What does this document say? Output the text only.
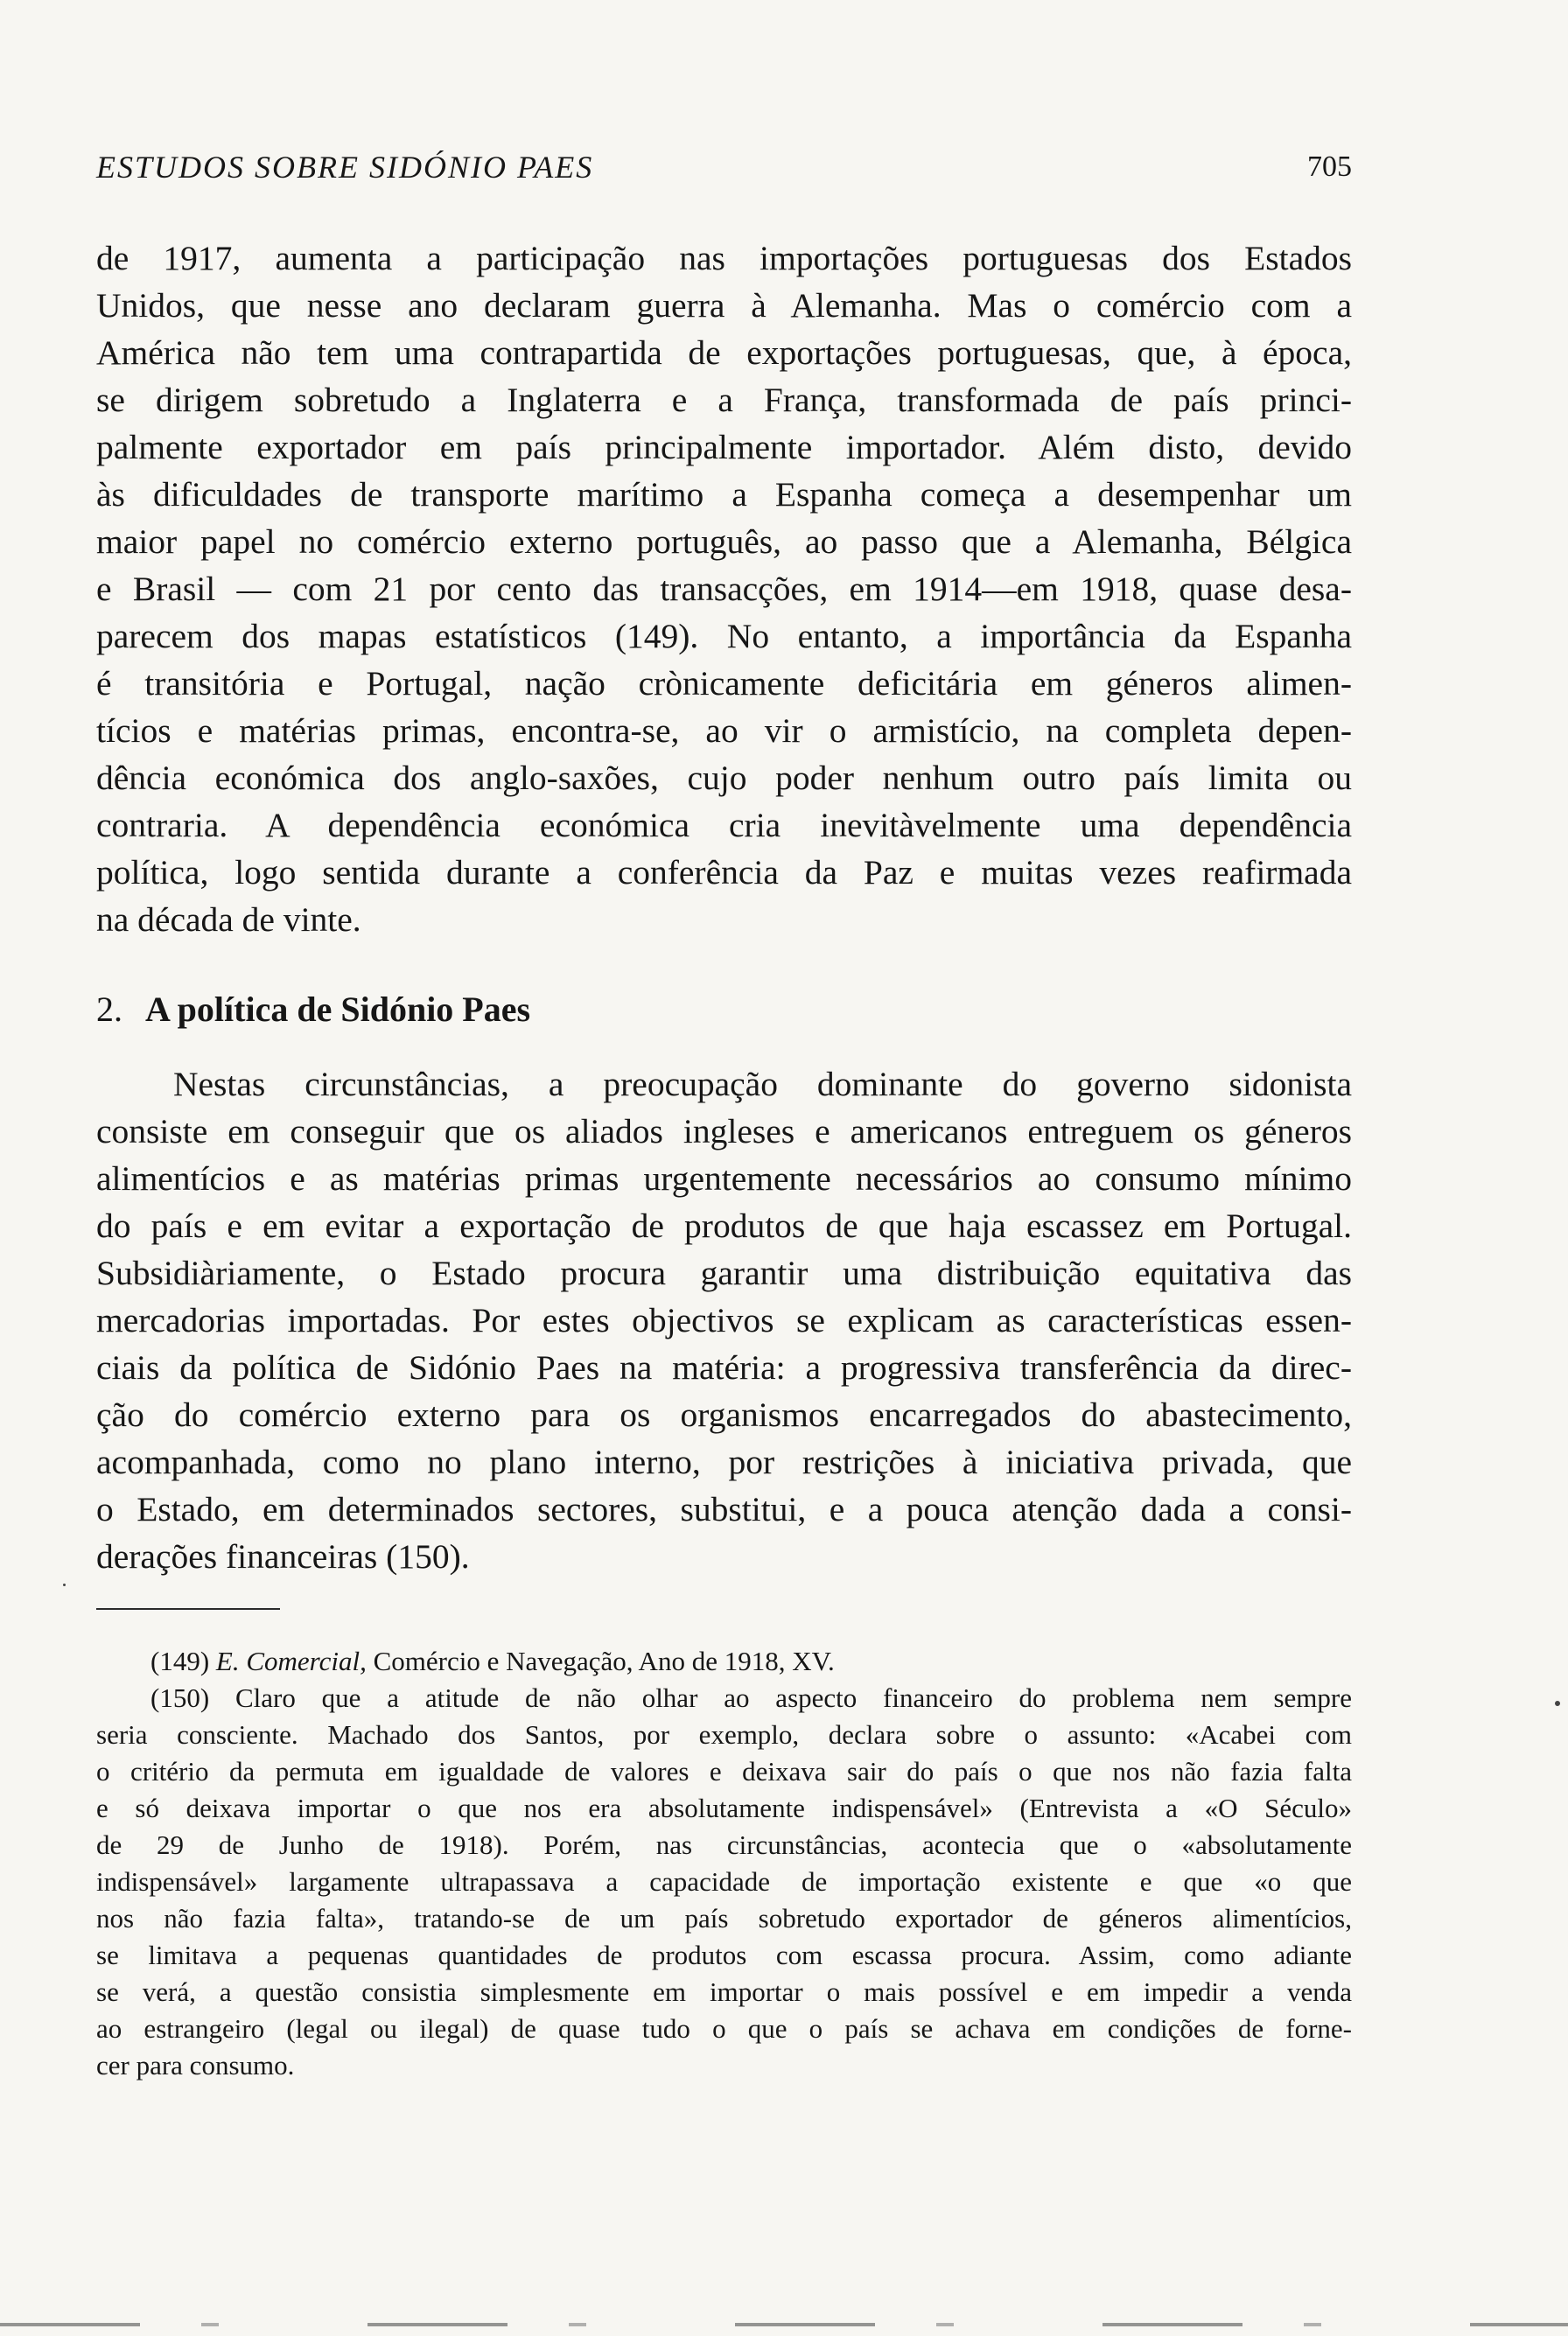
ESTUDOS SOBRE SIDÓNIO PAES	705
de 1917, aumenta a participação nas importações portuguesas dos Estados
Unidos, que nesse ano declaram guerra à Alemanha. Mas o comércio com a
América não tem uma contrapartida de exportações portuguesas, que, à época,
se dirigem sobretudo a Inglaterra e a França, transformada de país princi-
palmente exportador em país principalmente importador. Além disto, devido
às dificuldades de transporte marítimo a Espanha começa a desempenhar um
maior papel no comércio externo português, ao passo que a Alemanha, Bélgica
e Brasil — com 21 por cento das transacções, em 1914—em 1918, quase desa-
parecem dos mapas estatísticos (149). No entanto, a importância da Espanha
é transitória e Portugal, nação crònicamente deficitária em géneros alimen-
tícios e matérias primas, encontra-se, ao vir o armistício, na completa depen-
dência económica dos anglo-saxões, cujo poder nenhum outro país limita ou
contraria. A dependência económica cria inevitàvelmente uma dependência
política, logo sentida durante a conferência da Paz e muitas vezes reafirmada
na década de vinte.
2. A política de Sidónio Paes
Nestas circunstâncias, a preocupação dominante do governo sidonista
consiste em conseguir que os aliados ingleses e americanos entreguem os géneros
alimentícios e as matérias primas urgentemente necessários ao consumo mínimo
do país e em evitar a exportação de produtos de que haja escassez em Portugal.
Subsidiàriamente, o Estado procura garantir uma distribuição equitativa das
mercadorias importadas. Por estes objectivos se explicam as características essen-
ciais da política de Sidónio Paes na matéria: a progressiva transferência da direc-
ção do comércio externo para os organismos encarregados do abastecimento,
acompanhada, como no plano interno, por restrições à iniciativa privada, que
o Estado, em determinados sectores, substitui, e a pouca atenção dada a consi-
derações financeiras (150).
(149) E. Comercial, Comércio e Navegação, Ano de 1918, XV.
(150) Claro que a atitude de não olhar ao aspecto financeiro do problema nem sempre
seria consciente. Machado dos Santos, por exemplo, declara sobre o assunto: «Acabei com
o critério da permuta em igualdade de valores e deixava sair do país o que nos não fazia falta
e só deixava importar o que nos era absolutamente indispensável» (Entrevista a «O Século»
de 29 de Junho de 1918). Porém, nas circunstâncias, acontecia que o «absolutamente
indispensável» largamente ultrapassava a capacidade de importação existente e que «o que
nos não fazia falta», tratando-se de um país sobretudo exportador de géneros alimentícios,
se limitava a pequenas quantidades de produtos com escassa procura. Assim, como adiante
se verá, a questão consistia simplesmente em importar o mais possível e em impedir a venda
ao estrangeiro (legal ou ilegal) de quase tudo o que o país se achava em condições de forne-
cer para consumo.
